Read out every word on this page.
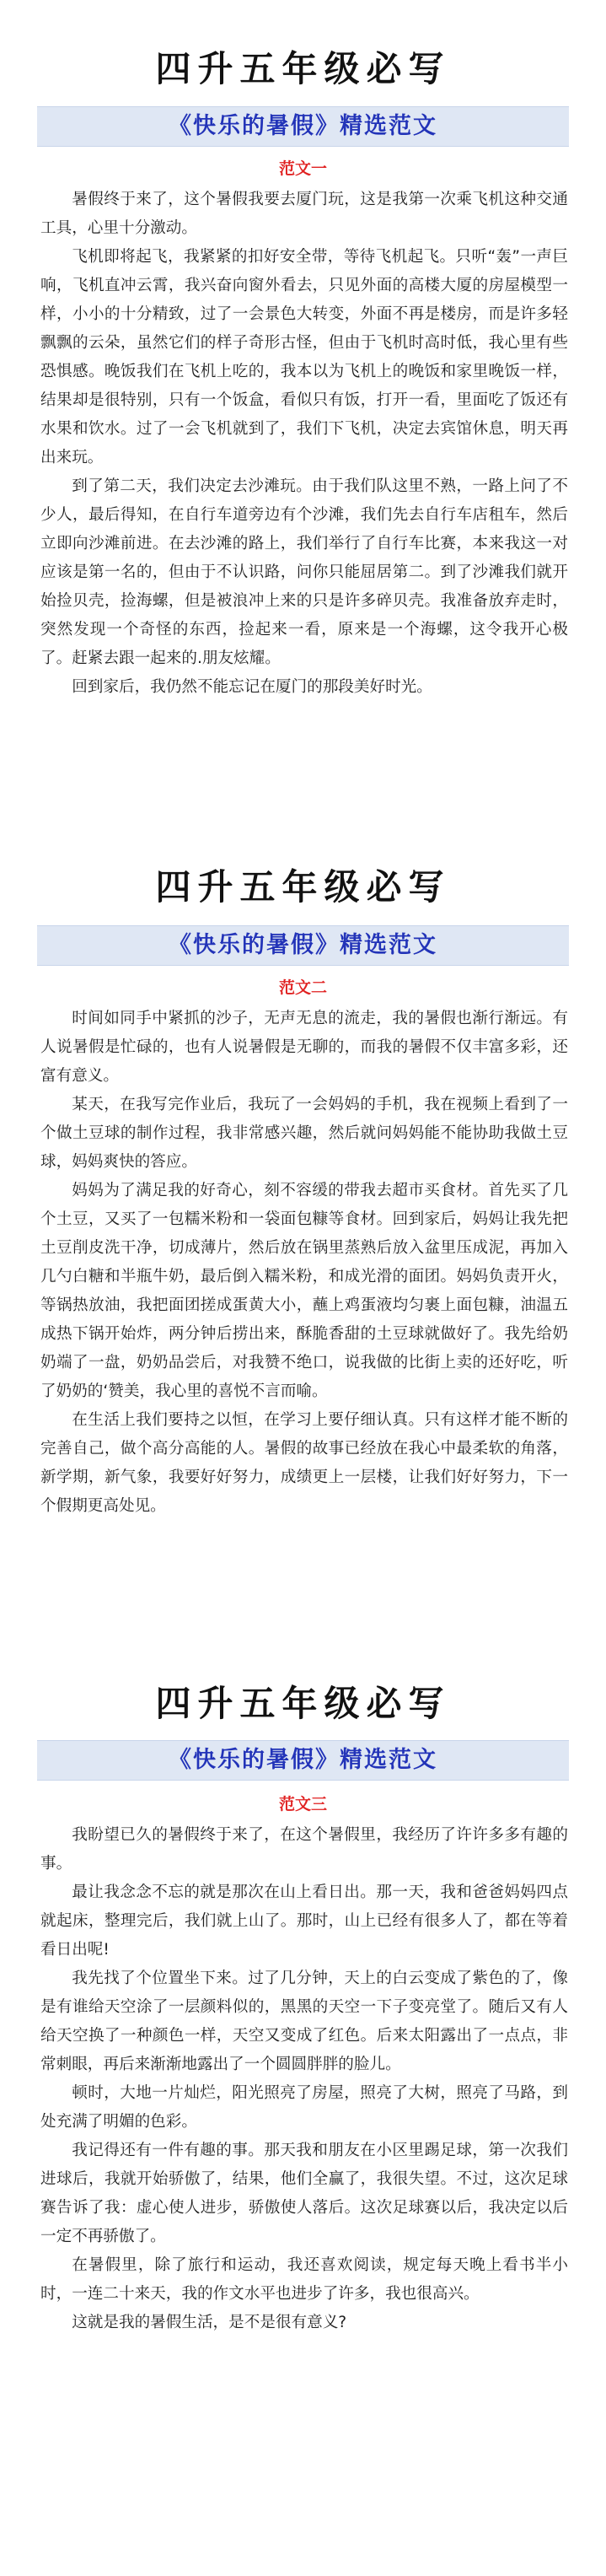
四升五年级必写
《快乐的暑假》精选范文
范文一

暑假终于来了，这个暑假我要去厦门玩，这是我第一次乘飞机这种交通工具，心里十分激动。

飞机即将起飞，我紧紧的扣好安全带，等待飞机起飞。只听“轰”一声巨响，飞机直冲云霄，我兴奋向窗外看去，只见外面的高楼大厦的房屋模型一样，小小的十分精致，过了一会景色大转变，外面不再是楼房，而是许多轻飘飘的云朵，虽然它们的样子奇形古怪，但由于飞机时高时低，我心里有些恐惧感。晚饭我们在飞机上吃的，我本以为飞机上的晚饭和家里晚饭一样，结果却是很特别，只有一个饭盒，看似只有饭，打开一看，里面吃了饭还有水果和饮水。过了一会飞机就到了，我们下飞机，决定去宾馆休息，明天再出来玩。

到了第二天，我们决定去沙滩玩。由于我们队这里不熟，一路上问了不少人，最后得知，在自行车道旁边有个沙滩，我们先去自行车店租车，然后立即向沙滩前进。在去沙滩的路上，我们举行了自行车比赛，本来我这一对应该是第一名的，但由于不认识路，问你只能屈居第二。到了沙滩我们就开始捡贝壳，捡海螺，但是被浪冲上来的只是许多碎贝壳。我准备放弃走时，突然发现一个奇怪的东西，捡起来一看，原来是一个海螺，这令我开心极了。赶紧去跟一起来的.朋友炫耀。

回到家后，我仍然不能忘记在厦门的那段美好时光。

四升五年级必写
《快乐的暑假》精选范文
范文二

时间如同手中紧抓的沙子，无声无息的流走，我的暑假也渐行渐远。有人说暑假是忙碌的，也有人说暑假是无聊的，而我的暑假不仅丰富多彩，还富有意义。

某天，在我写完作业后，我玩了一会妈妈的手机，我在视频上看到了一个做土豆球的制作过程，我非常感兴趣，然后就问妈妈能不能协助我做土豆球，妈妈爽快的答应。

妈妈为了满足我的好奇心，刻不容缓的带我去超市买食材。首先买了几个土豆，又买了一包糯米粉和一袋面包糠等食材。回到家后，妈妈让我先把土豆削皮洗干净，切成薄片，然后放在锅里蒸熟后放入盆里压成泥，再加入几勺白糖和半瓶牛奶，最后倒入糯米粉，和成光滑的面团。妈妈负责开火，等锅热放油，我把面团搓成蛋黄大小，蘸上鸡蛋液均匀裹上面包糠，油温五成热下锅开始炸，两分钟后捞出来，酥脆香甜的土豆球就做好了。我先给奶奶端了一盘，奶奶品尝后，对我赞不绝口，说我做的比街上卖的还好吃，听了奶奶的‘赞美，我心里的喜悦不言而喻。

在生活上我们要持之以恒，在学习上要仔细认真。只有这样才能不断的完善自己，做个高分高能的人。暑假的故事已经放在我心中最柔软的角落，新学期，新气象，我要好好努力，成绩更上一层楼，让我们好好努力，下一个假期更高处见。

四升五年级必写
《快乐的暑假》精选范文
范文三

我盼望已久的暑假终于来了，在这个暑假里，我经历了许许多多有趣的事。

最让我念念不忘的就是那次在山上看日出。那一天，我和爸爸妈妈四点就起床，整理完后，我们就上山了。那时，山上已经有很多人了，都在等着看日出呢!

我先找了个位置坐下来。过了几分钟，天上的白云变成了紫色的了，像是有谁给天空涂了一层颜料似的，黑黑的天空一下子变亮堂了。随后又有人给天空换了一种颜色一样，天空又变成了红色。后来太阳露出了一点点，非常刺眼，再后来渐渐地露出了一个圆圆胖胖的脸儿。

顿时，大地一片灿烂，阳光照亮了房屋，照亮了大树，照亮了马路，到处充满了明媚的色彩。

我记得还有一件有趣的事。那天我和朋友在小区里踢足球，第一次我们进球后，我就开始骄傲了，结果，他们全赢了，我很失望。不过，这次足球赛告诉了我：虚心使人进步，骄傲使人落后。这次足球赛以后，我决定以后一定不再骄傲了。

在暑假里，除了旅行和运动，我还喜欢阅读，规定每天晚上看书半小时，一连二十来天，我的作文水平也进步了许多，我也很高兴。

这就是我的暑假生活，是不是很有意义?
